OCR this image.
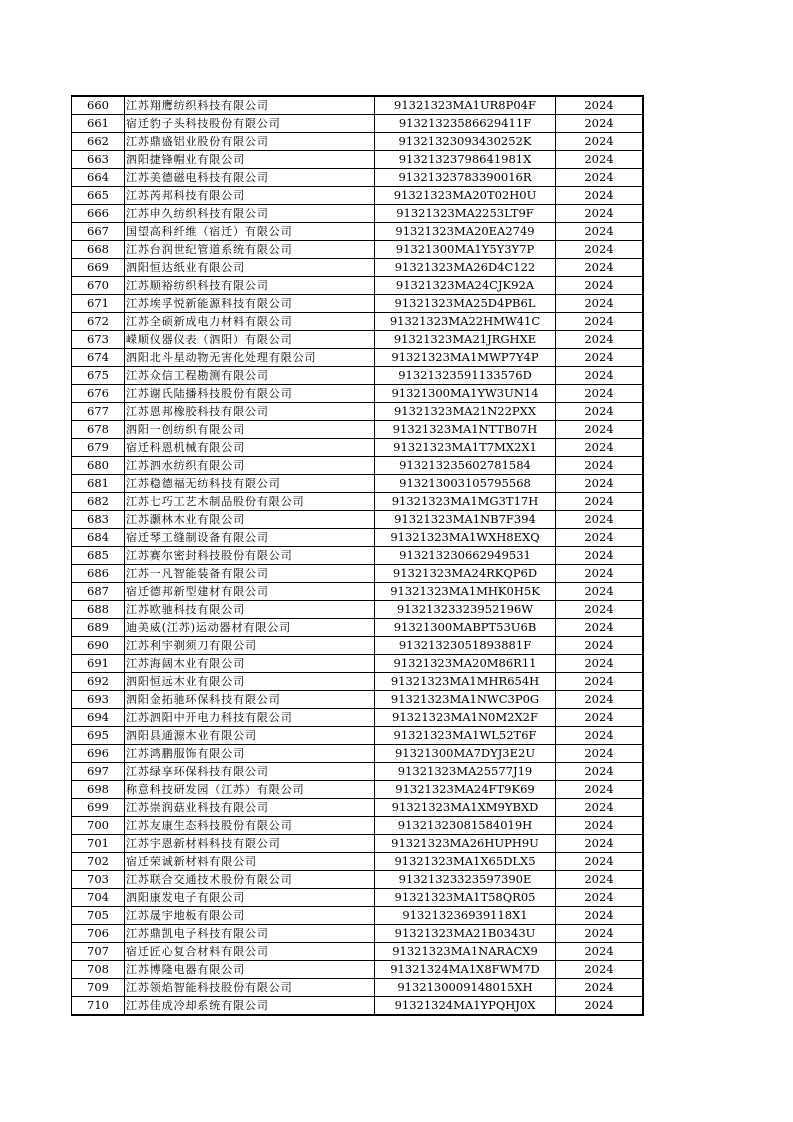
660	江苏翔鹰纺织科技有限公司	91321323MA1UR8P04F	2024
661	宿迁豹子头科技股份有限公司	91321323586629411F	2024
662	江苏鼎盛铝业股份有限公司	91321323093430252K	2024
663	泗阳捷锋帽业有限公司	91321323798641981X	2024
664	江苏美德磁电科技有限公司	91321323783390016R	2024
665	江苏芮邦科技有限公司	91321323MA20T02H0U	2024
666	江苏申久纺织科技有限公司	91321323MA2253LT9F	2024
667	国望高科纤维（宿迁）有限公司	91321323MA20EA2749	2024
668	江苏台润世纪管道系统有限公司	91321300MA1Y5Y3Y7P	2024
669	泗阳恒达纸业有限公司	91321323MA26D4C122	2024
670	江苏顺裕纺织科技有限公司	91321323MA24CJK92A	2024
671	江苏埃孚悦新能源科技有限公司	91321323MA25D4PB6L	2024
672	江苏全硕新成电力材料有限公司	91321323MA22HMW41C	2024
673	嵘顺仪器仪表（泗阳）有限公司	91321323MA21JRGHXE	2024
674	泗阳北斗星动物无害化处理有限公司	91321323MA1MWP7Y4P	2024
675	江苏众信工程勘测有限公司	91321323591133576D	2024
676	江苏谢氏陆播科技股份有限公司	91321300MA1YW3UN14	2024
677	江苏恩邦橡胶科技有限公司	91321323MA21N22PXX	2024
678	泗阳一创纺织有限公司	91321323MA1NTTB07H	2024
679	宿迁科恩机械有限公司	91321323MA1T7MX2X1	2024
680	江苏泗水纺织有限公司	913213235602781584	2024
681	江苏稳德福无纺科技有限公司	913213003105795568	2024
682	江苏七巧工艺木制品股份有限公司	91321323MA1MG3T17H	2024
683	江苏灏林木业有限公司	91321323MA1NB7F394	2024
684	宿迁琴工缝制设备有限公司	91321323MA1WXH8EXQ	2024
685	江苏赛尔密封科技股份有限公司	913213230662949531	2024
686	江苏一凡智能装备有限公司	91321323MA24RKQP6D	2024
687	宿迁德邦新型建材有限公司	91321323MA1MHK0H5K	2024
688	江苏欧驰科技有限公司	91321323323952196W	2024
689	迪美威(江苏)运动器材有限公司	91321300MABPT53U6B	2024
690	江苏利宇剃须刀有限公司	91321323051893881F	2024
691	江苏海阔木业有限公司	91321323MA20M86R11	2024
692	泗阳恒远木业有限公司	91321323MA1MHR654H	2024
693	泗阳金拓驰环保科技有限公司	91321323MA1NWC3P0G	2024
694	江苏泗阳中开电力科技有限公司	91321323MA1N0M2X2F	2024
695	泗阳县通源木业有限公司	91321323MA1WL52T6F	2024
696	江苏鸿鹏服饰有限公司	91321300MA7DYJ3E2U	2024
697	江苏绿享环保科技有限公司	91321323MA25577J19	2024
698	称意科技研发园（江苏）有限公司	91321323MA24FT9K69	2024
699	江苏崇润菇业科技有限公司	91321323MA1XM9YBXD	2024
700	江苏友康生态科技股份有限公司	91321323081584019H	2024
701	江苏宇恩新材料科技有限公司	91321323MA26HUPH9U	2024
702	宿迁荣诚新材料有限公司	91321323MA1X65DLX5	2024
703	江苏联合交通技术股份有限公司	91321323323597390E	2024
704	泗阳康发电子有限公司	91321323MA1T58QR05	2024
705	江苏晟宇地板有限公司	913213236939118X1	2024
706	江苏鼎凯电子科技有限公司	91321323MA21B0343U	2024
707	宿迁匠心复合材料有限公司	91321323MA1NARACX9	2024
708	江苏博隆电器有限公司	91321324MA1X8FWM7D	2024
709	江苏领焰智能科技股份有限公司	9132130009148015XH	2024
710	江苏佳成冷却系统有限公司	91321324MA1YPQHJ0X	2024
